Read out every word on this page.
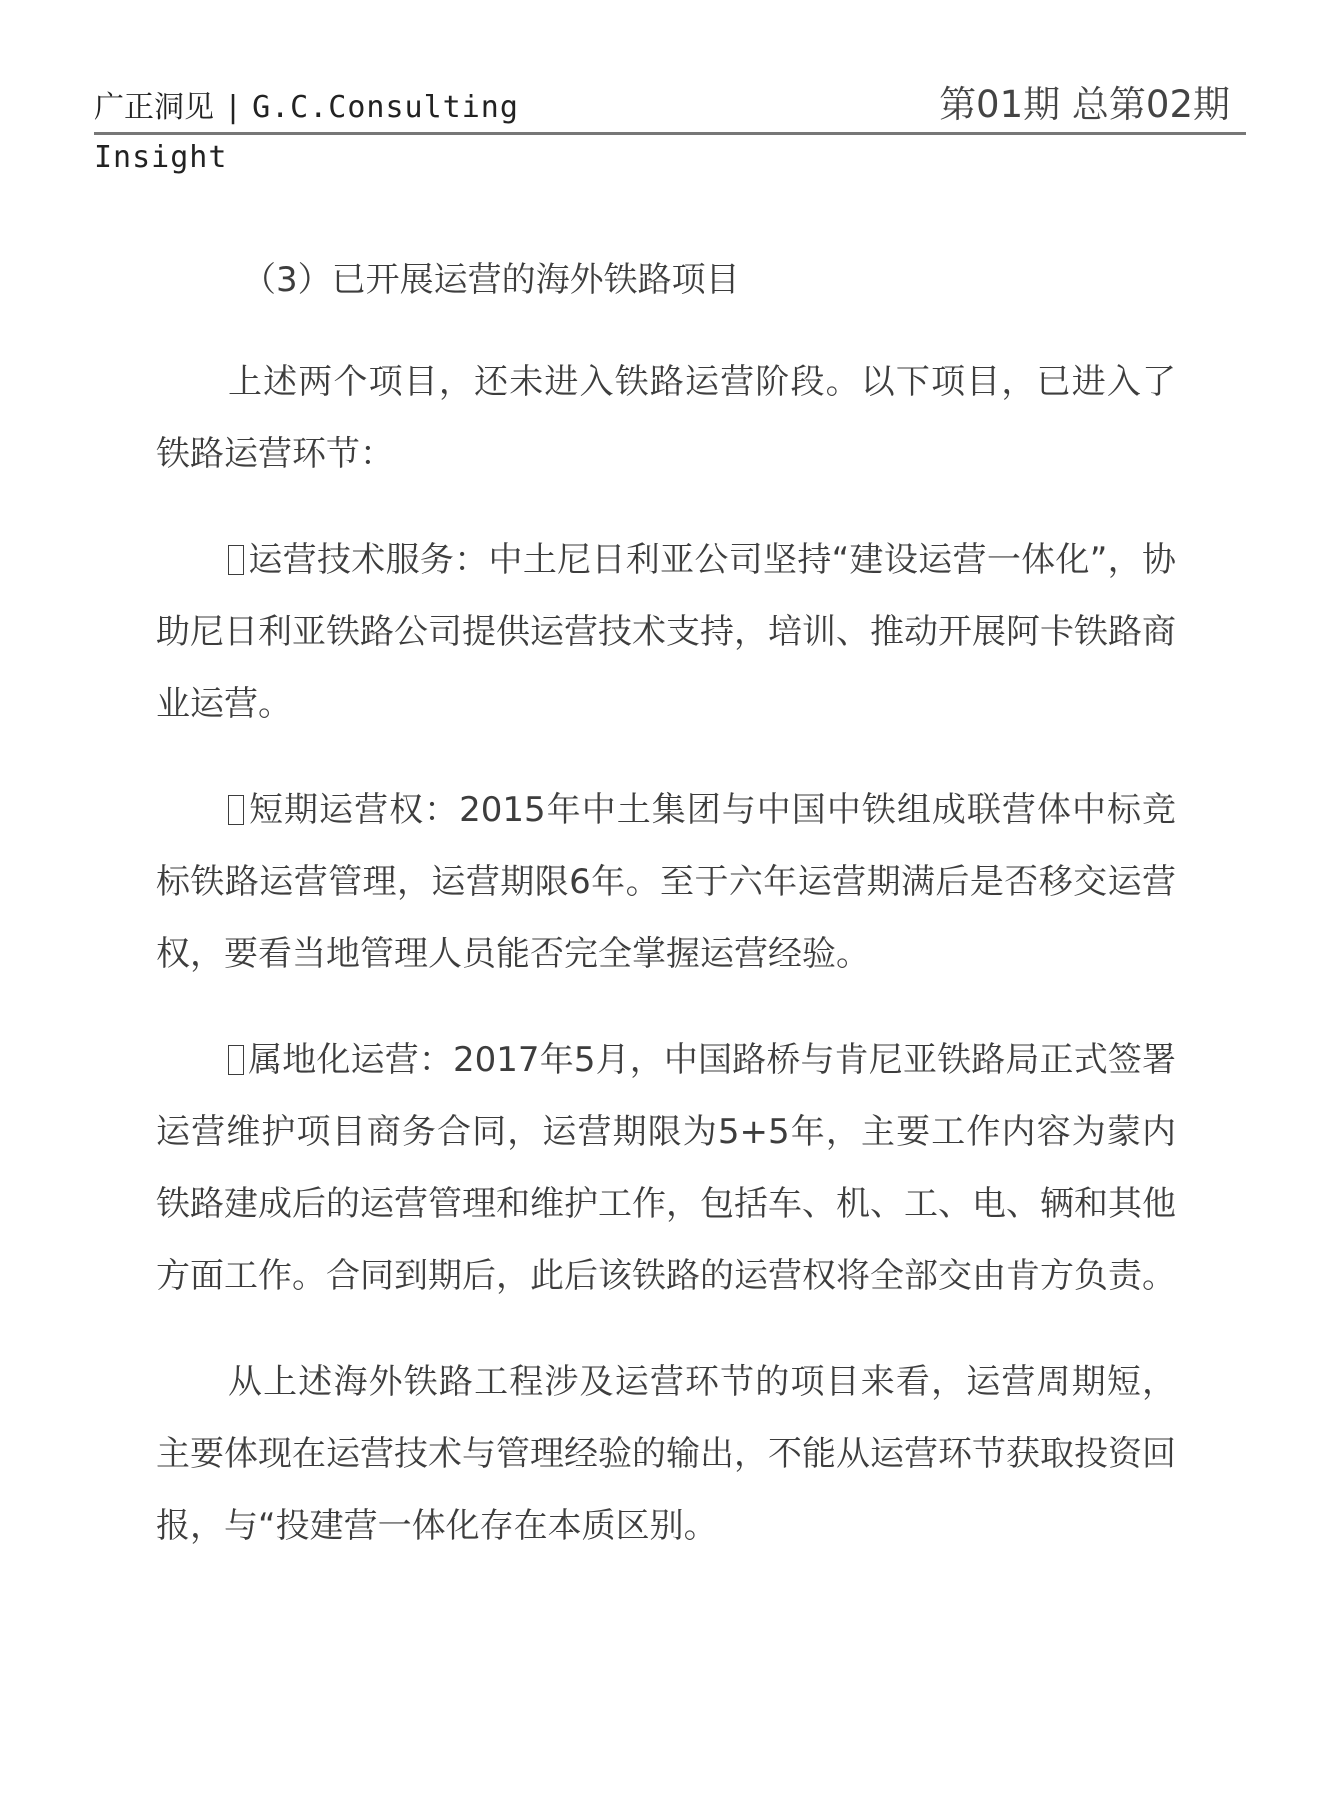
广正洞见 | G.C.Consulting	第01期 总第02期
Insight

（3）已开展运营的海外铁路项目

上述两个项目，还未进入铁路运营阶段。以下项目，已进入了铁路运营环节：

运营技术服务：中土尼日利亚公司坚持“建设运营一体化”，协助尼日利亚铁路公司提供运营技术支持，培训、推动开展阿卡铁路商业运营。

短期运营权：2015年中土集团与中国中铁组成联营体中标竞标铁路运营管理，运营期限6年。至于六年运营期满后是否移交运营权，要看当地管理人员能否完全掌握运营经验。

属地化运营：2017年5月，中国路桥与肯尼亚铁路局正式签署运营维护项目商务合同，运营期限为5+5年，主要工作内容为蒙内铁路建成后的运营管理和维护工作，包括车、机、工、电、辆和其他方面工作。合同到期后，此后该铁路的运营权将全部交由肯方负责。

从上述海外铁路工程涉及运营环节的项目来看，运营周期短，主要体现在运营技术与管理经验的输出，不能从运营环节获取投资回报，与“投建营一体化存在本质区别。
